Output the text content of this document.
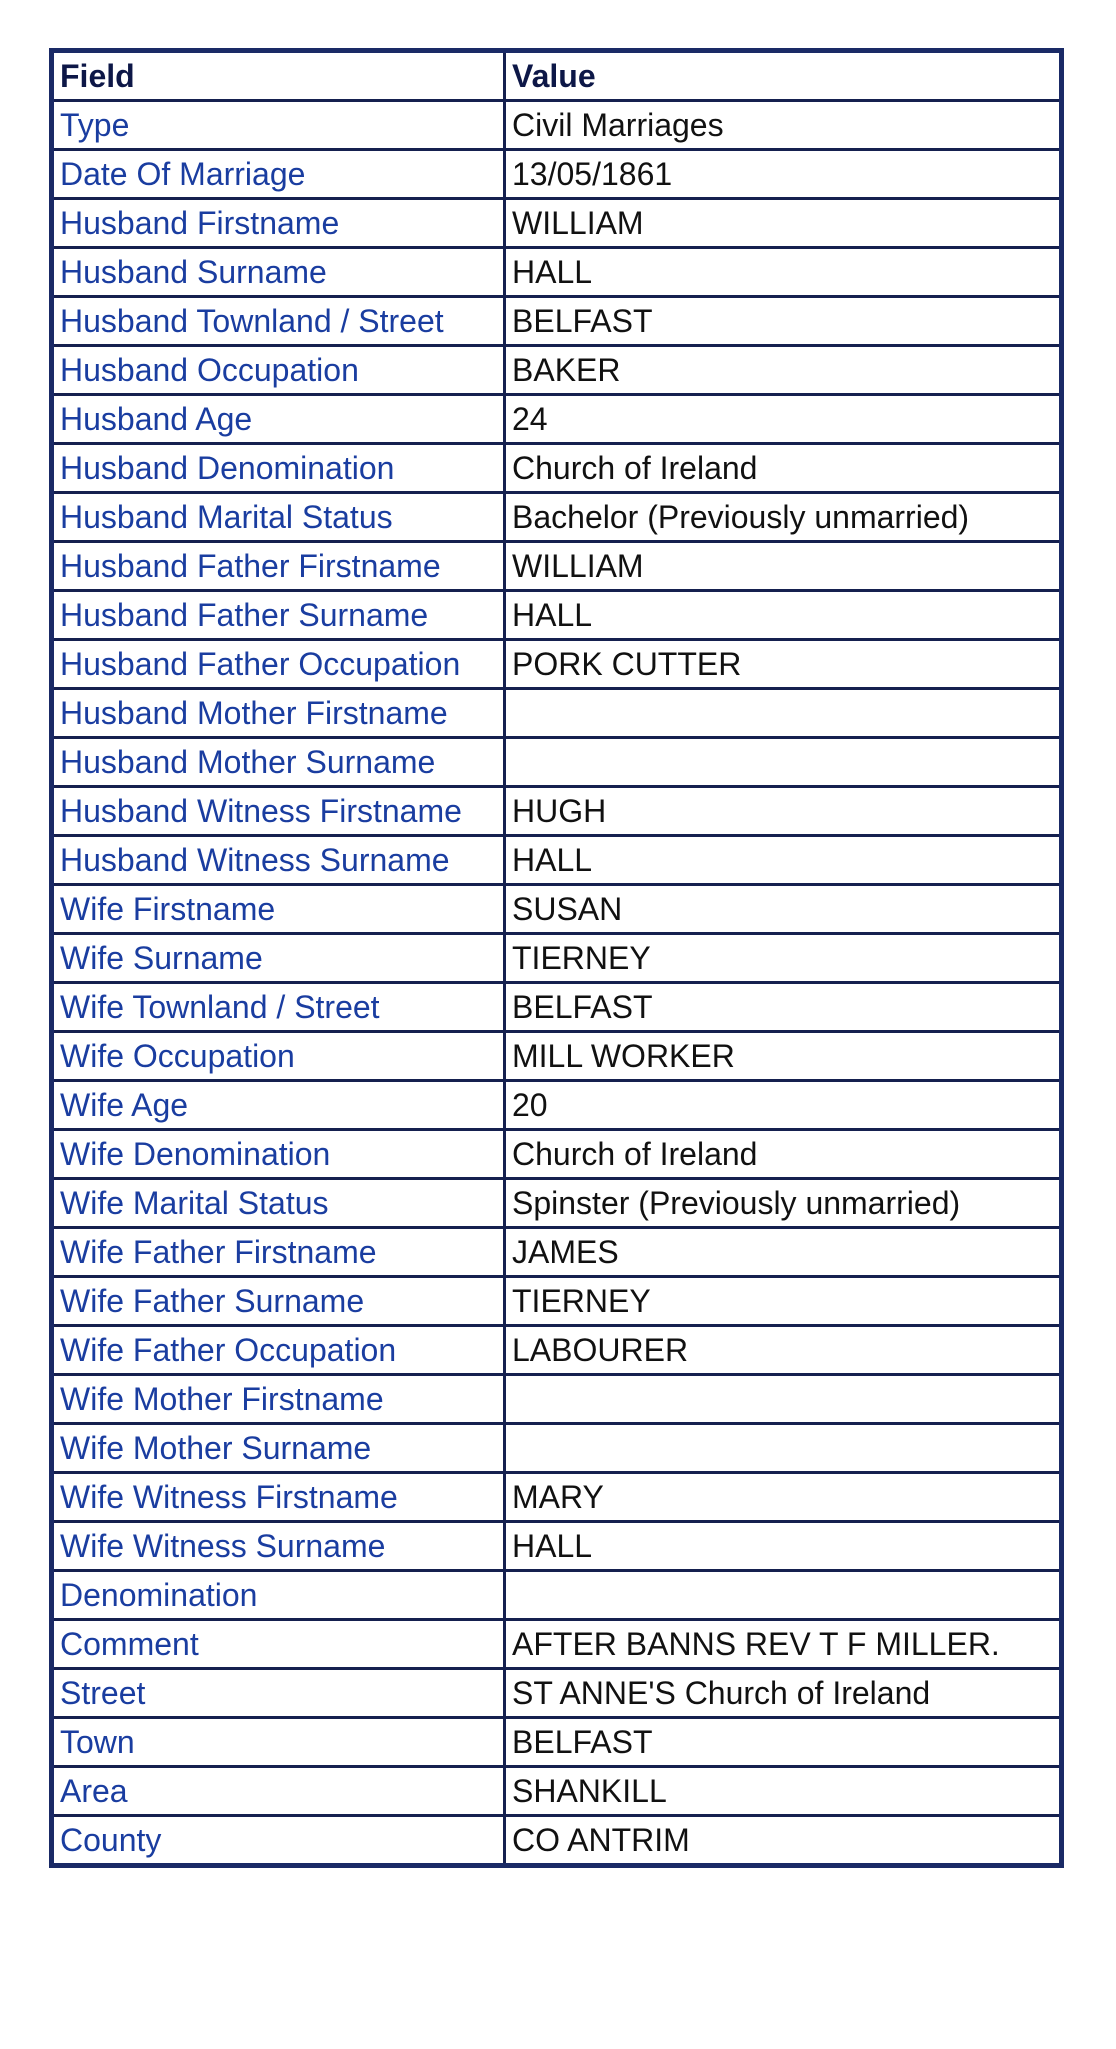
Field	Value
Type	Civil Marriages
Date Of Marriage	13/05/1861
Husband Firstname	WILLIAM
Husband Surname	HALL
Husband Townland / Street	BELFAST
Husband Occupation	BAKER
Husband Age	24
Husband Denomination	Church of Ireland
Husband Marital Status	Bachelor (Previously unmarried)
Husband Father Firstname	WILLIAM
Husband Father Surname	HALL
Husband Father Occupation	PORK CUTTER
Husband Mother Firstname	
Husband Mother Surname	
Husband Witness Firstname	HUGH
Husband Witness Surname	HALL
Wife Firstname	SUSAN
Wife Surname	TIERNEY
Wife Townland / Street	BELFAST
Wife Occupation	MILL WORKER
Wife Age	20
Wife Denomination	Church of Ireland
Wife Marital Status	Spinster (Previously unmarried)
Wife Father Firstname	JAMES
Wife Father Surname	TIERNEY
Wife Father Occupation	LABOURER
Wife Mother Firstname	
Wife Mother Surname	
Wife Witness Firstname	MARY
Wife Witness Surname	HALL
Denomination	
Comment	AFTER BANNS REV T F MILLER.
Street	ST ANNE'S Church of Ireland
Town	BELFAST
Area	SHANKILL
County	CO ANTRIM
